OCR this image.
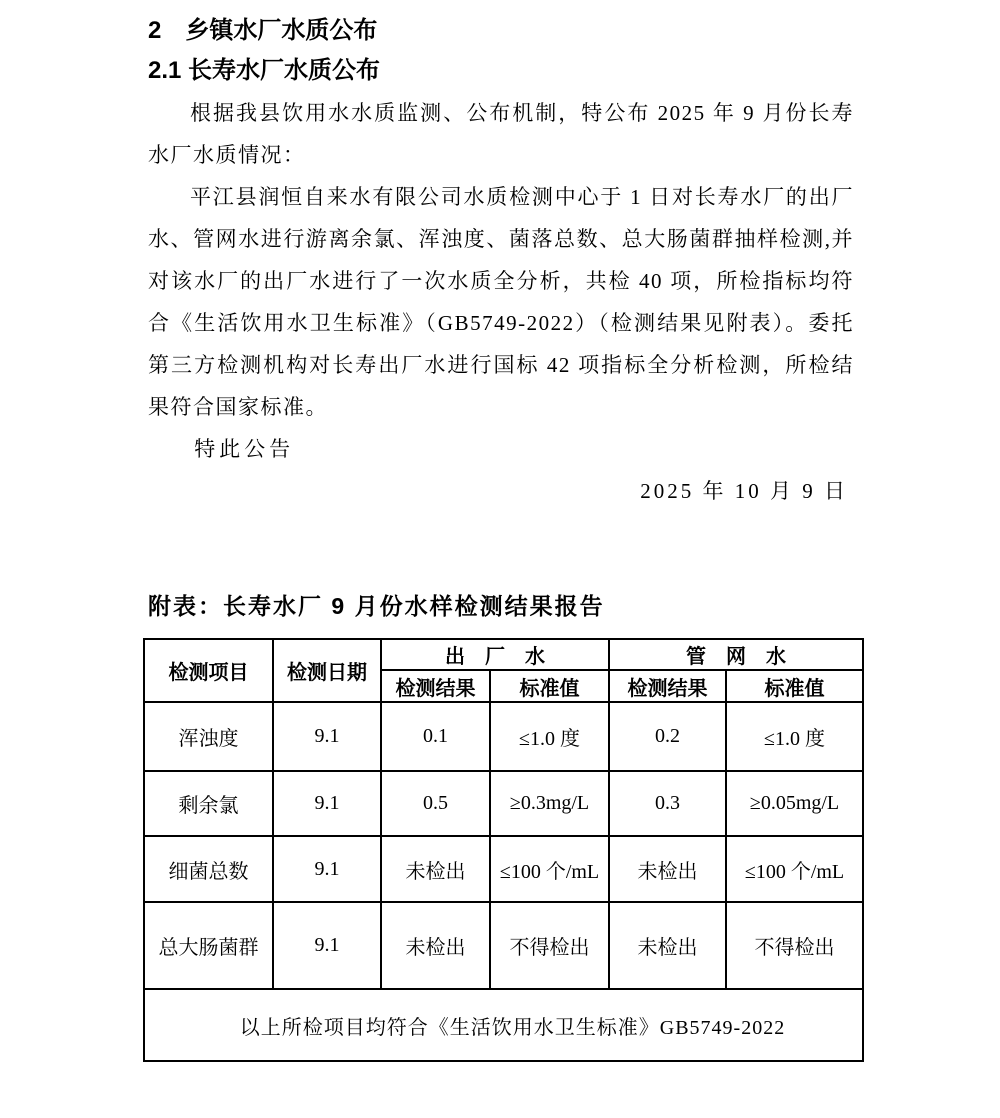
2　乡镇水厂水质公布
2.1 长寿水厂水质公布

根据我县饮用水水质监测、公布机制，特公布 2025 年 9 月份长寿水厂水质情况：

平江县润恒自来水有限公司水质检测中心于 1 日对长寿水厂的出厂水、管网水进行游离余氯、浑浊度、菌落总数、总大肠菌群抽样检测,并对该水厂的出厂水进行了一次水质全分析，共检 40 项，所检指标均符合《生活饮用水卫生标准》（GB5749-2022）（检测结果见附表）。委托第三方检测机构对长寿出厂水进行国标 42 项指标全分析检测，所检结果符合国家标准。

特此公告

2025 年 10 月 9 日

附表：长寿水厂 9 月份水样检测结果报告
检测项目	检测日期	出　厂　水		管　网　水	
		检测结果	标准值	检测结果	标准值
浑浊度	9.1	0.1	≤1.0 度	0.2	≤1.0 度
剩余氯	9.1	0.5	≥0.3mg/L	0.3	≥0.05mg/L
细菌总数	9.1	未检出	≤100 个/mL	未检出	≤100 个/mL
总大肠菌群	9.1	未检出	不得检出	未检出	不得检出
以上所检项目均符合《生活饮用水卫生标准》GB5749-2022					
